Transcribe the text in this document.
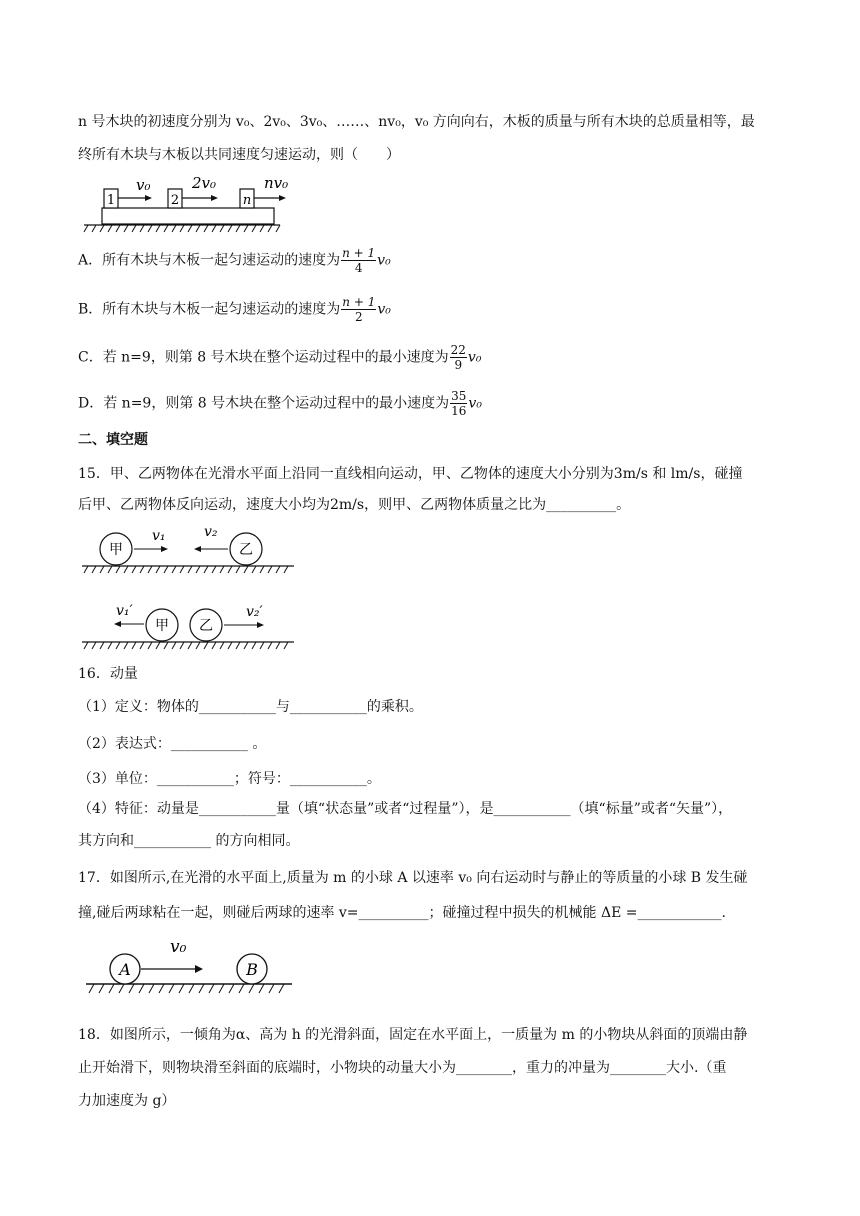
n 号木块的初速度分别为 v₀、2v₀、3v₀、……、nv₀，v₀ 方向向右，木板的质量与所有木块的总质量相等，最
终所有木块与木板以共同速度匀速运动，则（　　）
1
v₀
2
2v₀
n
nv₀
A．所有木块与木板一起匀速运动的速度为 $\frac{n + 1}{4} v_0$
B．所有木块与木板一起匀速运动的速度为 $\frac{n + 1}{2} v_0$
C．若 n=9，则第 8 号木块在整个运动过程中的最小速度为 $\frac{22}{9} v_0$
D．若 n=9，则第 8 号木块在整个运动过程中的最小速度为 $\frac{35}{16} v_0$
二、填空题
15．甲、乙两物体在光滑水平面上沿同一直线相向运动，甲、乙物体的速度大小分别为3m/s 和 lm/s，碰撞
后甲、乙两物体反向运动，速度大小均为2m/s，则甲、乙两物体质量之比为__________。
甲
v₁	v₂
乙
v₁′
甲 乙
v₂′
16．动量
（1）定义：物体的___________与___________的乘积。
（2）表达式：___________ 。
（3）单位：___________；符号：___________。
（4）特征：动量是___________量（填“状态量”或者“过程量”），是___________（填“标量”或者“矢量”），
其方向和___________ 的方向相同。
17．如图所示,在光滑的水平面上,质量为 m 的小球 A 以速率 v₀ 向右运动时与静止的等质量的小球 B 发生碰
撞,碰后两球粘在一起，则碰后两球的速率 v=__________；碰撞过程中损失的机械能 ΔE =____________.
A
v₀
B
18．如图所示，一倾角为α、高为 h 的光滑斜面，固定在水平面上，一质量为 m 的小物块从斜面的顶端由静
止开始滑下，则物块滑至斜面的底端时，小物块的动量大小为________，重力的冲量为________大小.（重
力加速度为 g）
